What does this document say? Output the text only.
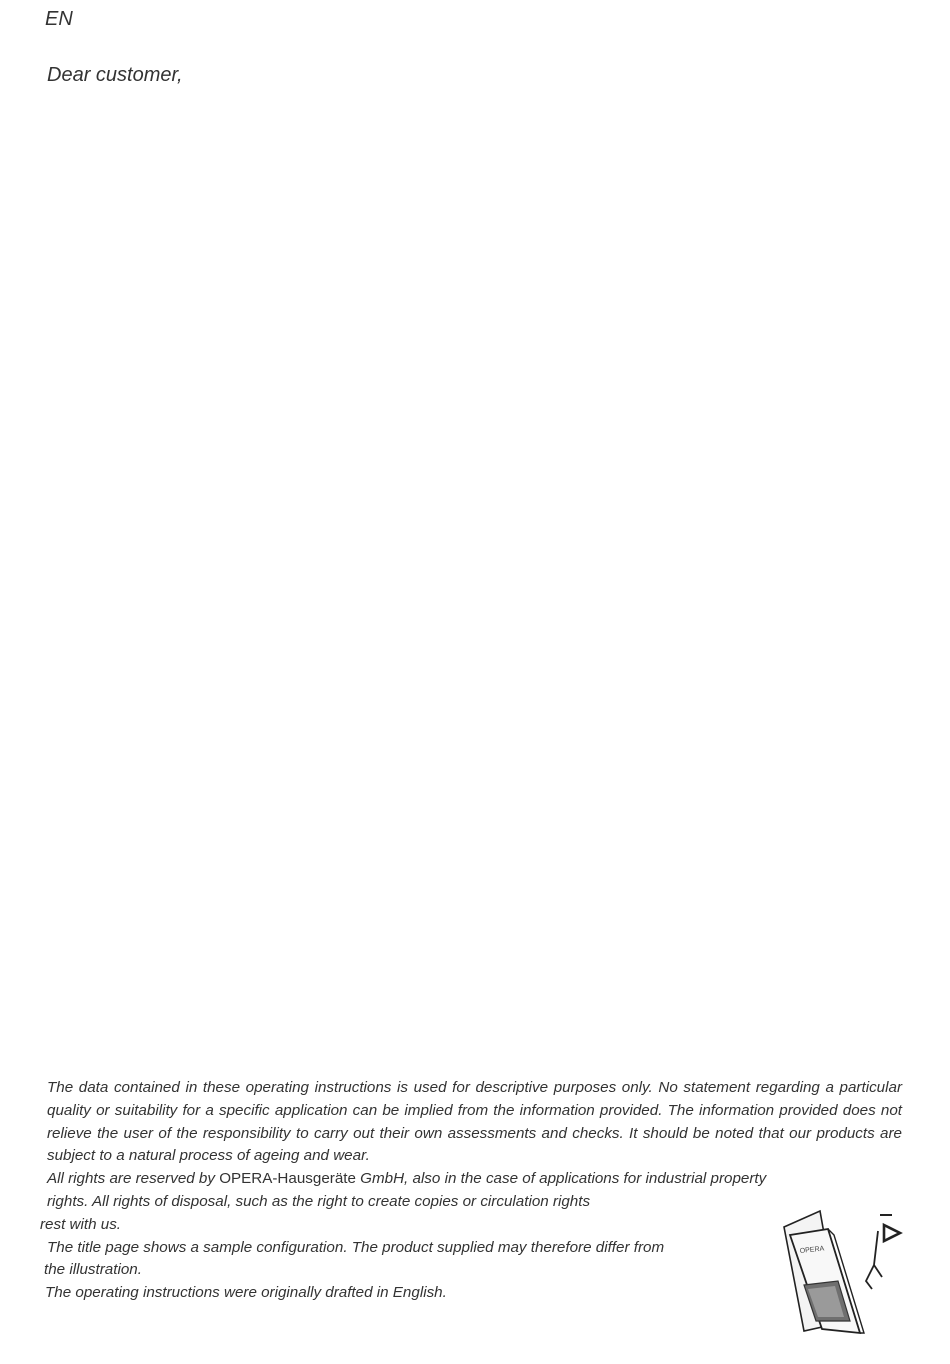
EN
Dear customer,

The data contained in these operating instructions is used for descriptive purposes only. No statement regarding a particular quality or suitability for a specific application can be implied from the information provided. The information provided does not relieve the user of the responsibility to carry out their own assessments and checks. It should be noted that our products are subject to a natural process of ageing and wear.

All rights are reserved by OPERA-Hausgeräte GmbH, also in the case of applications for industrial property rights. All rights of disposal, such as the right to create copies or circulation rights

rest with us.

The title page shows a sample configuration. The product supplied may therefore differ from

the illustration.

The operating instructions were originally drafted in English.

OPERA
